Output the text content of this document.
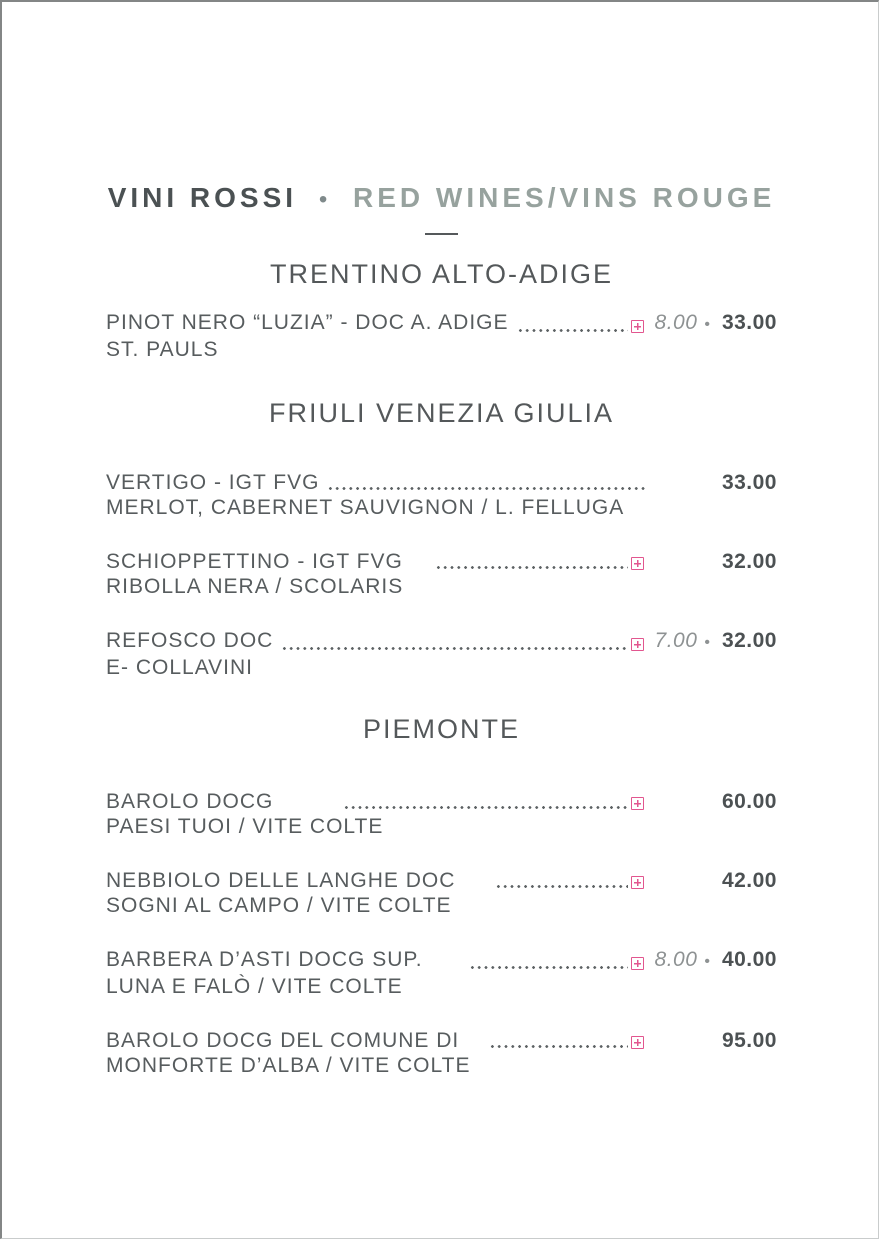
VINI ROSSI • RED WINES/VINS ROUGE
TRENTINO ALTO-ADIGE
PINOT NERO “LUZIA” - DOC A. ADIGE	8.00 • 33.00
ST. PAULS
FRIULI VENEZIA GIULIA
VERTIGO - IGT FVG	33.00
MERLOT, CABERNET SAUVIGNON / L. FELLUGA
SCHIOPPETTINO - IGT FVG	32.00
RIBOLLA NERA / SCOLARIS
REFOSCO DOC	7.00 • 32.00
E- COLLAVINI
PIEMONTE
BAROLO DOCG	60.00
PAESI TUOI / VITE COLTE
NEBBIOLO DELLE LANGHE DOC	42.00
SOGNI AL CAMPO / VITE COLTE
BARBERA D’ASTI DOCG SUP.	8.00 • 40.00
LUNA E FALÒ / VITE COLTE
BAROLO DOCG DEL COMUNE DI	95.00
MONFORTE D’ALBA / VITE COLTE
